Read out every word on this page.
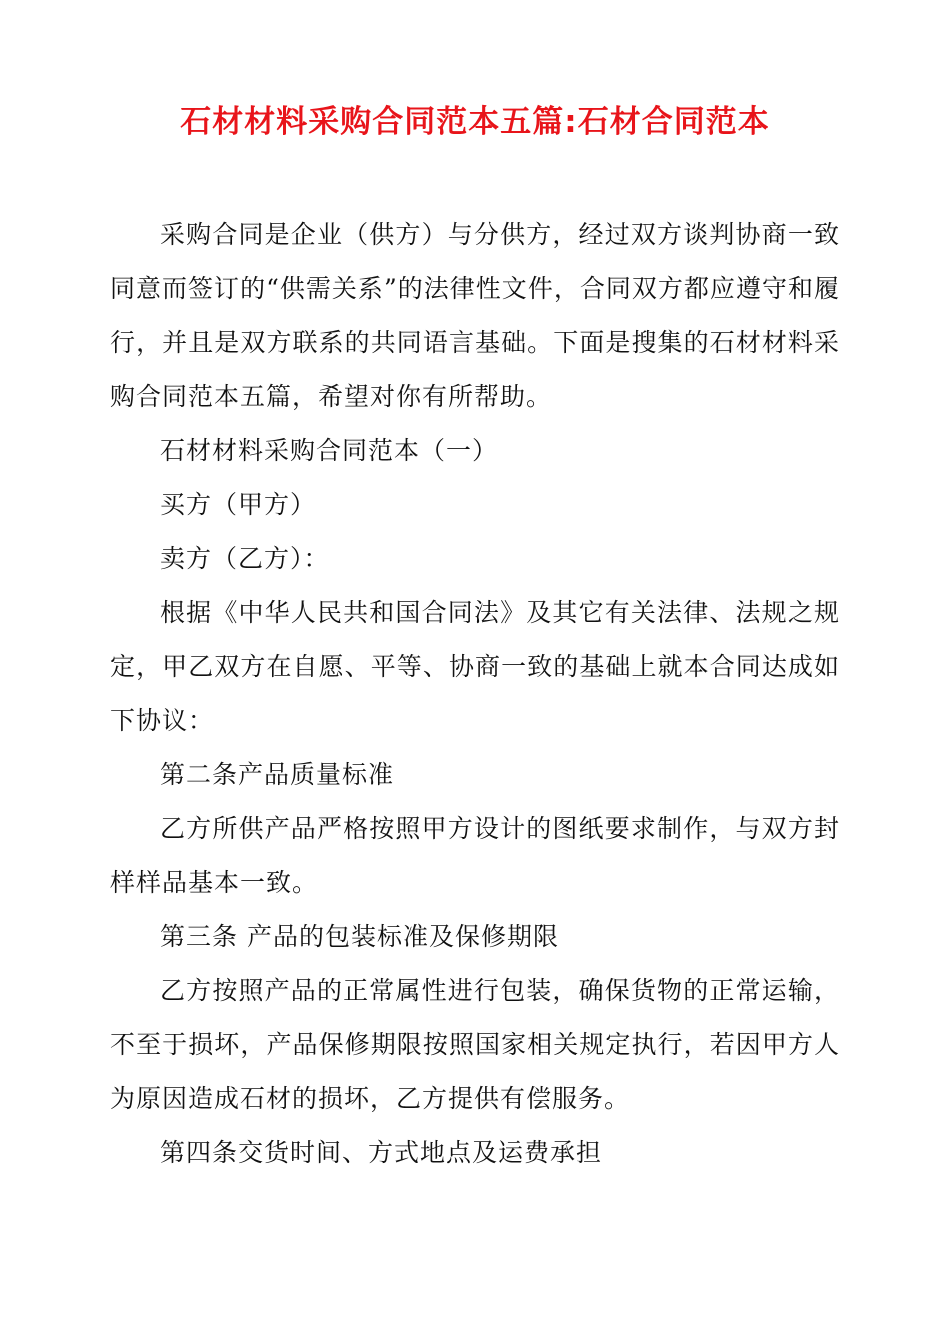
石材材料采购合同范本五篇:石材合同范本

采购合同是企业（供方）与分供方，经过双方谈判协商一致同意而签订的“供需关系”的法律性文件，合同双方都应遵守和履行，并且是双方联系的共同语言基础。下面是搜集的石材材料采购合同范本五篇，希望对你有所帮助。

石材材料采购合同范本（一）

买方（甲方）

卖方（乙方）：

根据《中华人民共和国合同法》及其它有关法律、法规之规定，甲乙双方在自愿、平等、协商一致的基础上就本合同达成如下协议：

第二条产品质量标准

乙方所供产品严格按照甲方设计的图纸要求制作，与双方封样样品基本一致。

第三条 产品的包装标准及保修期限

乙方按照产品的正常属性进行包装，确保货物的正常运输，不至于损坏，产品保修期限按照国家相关规定执行，若因甲方人为原因造成石材的损坏，乙方提供有偿服务。

第四条交货时间、方式地点及运费承担
